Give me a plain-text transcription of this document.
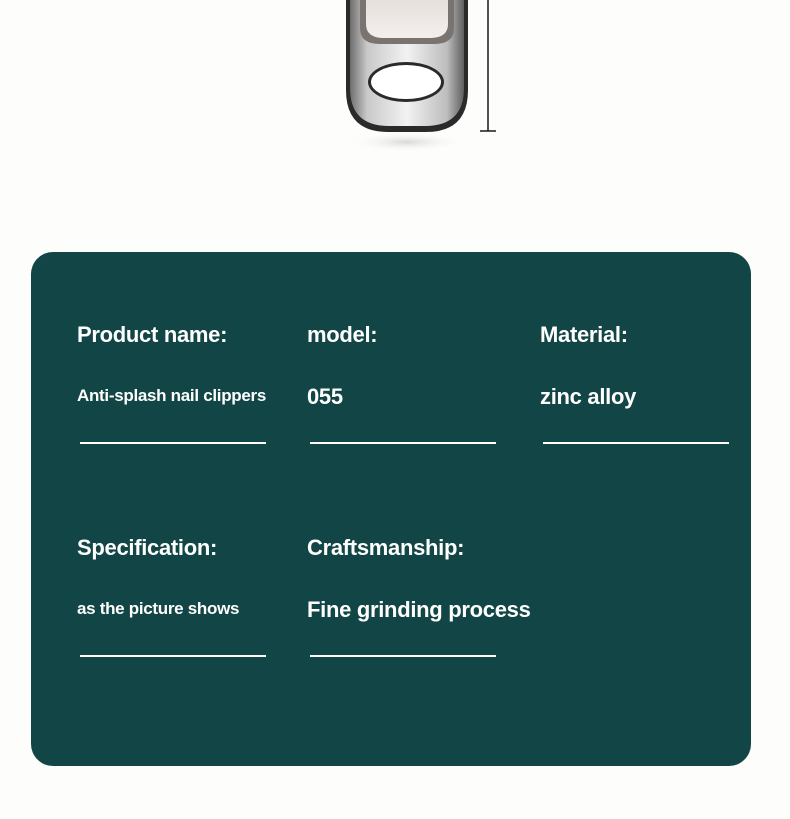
Product name:
Anti-splash nail clippers
model:
055
Material:
zinc alloy
Specification:
as the picture shows
Craftsmanship:
Fine grinding process
